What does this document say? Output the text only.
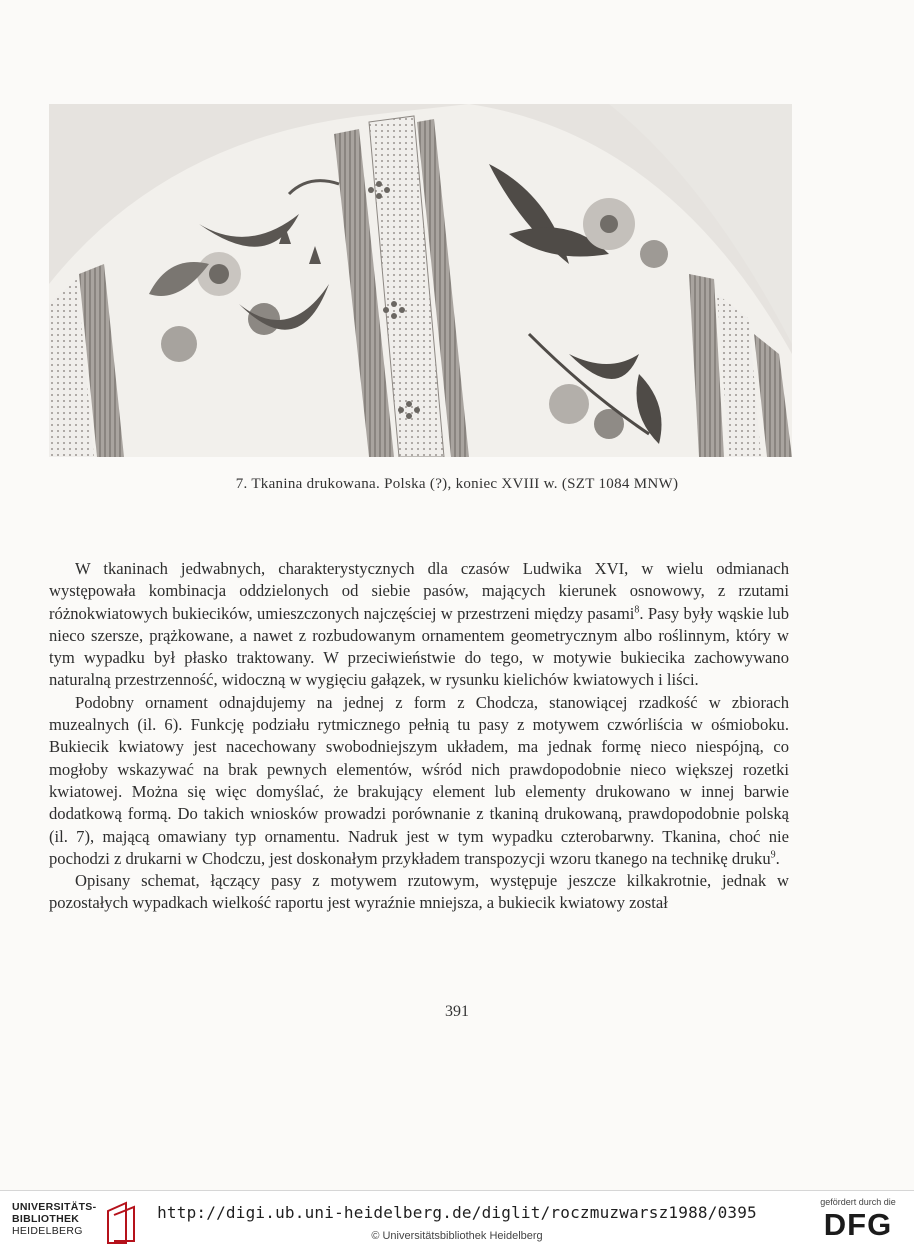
7. Tkanina drukowana. Polska (?), koniec XVIII w. (SZT 1084 MNW)

W tkaninach jedwabnych, charakterystycznych dla czasów Ludwika XVI, w wielu odmianach występowała kombinacja oddzielonych od siebie pasów, mających kierunek osnowowy, z rzutami różnokwiatowych bukiecików, umieszczonych najczęściej w przestrzeni między pasami$^8$. Pasy były wąskie lub nieco szersze, prążkowane, a nawet z rozbudowanym ornamentem geometrycznym albo roślinnym, który w tym wypadku był płasko traktowany. W przeciwieństwie do tego, w motywie bukiecika zachowywano naturalną przestrzenność, widoczną w wygięciu gałązek, w rysunku kielichów kwiatowych i liści.

Podobny ornament odnajdujemy na jednej z form z Chodcza, stanowiącej rzadkość w zbiorach muzealnych (il. 6). Funkcję podziału rytmicznego pełnią tu pasy z motywem czwórliścia w ośmioboku. Bukiecik kwiatowy jest nacechowany swobodniejszym układem, ma jednak formę nieco niespójną, co mogłoby wskazywać na brak pewnych elementów, wśród nich prawdopodobnie nieco większej rozetki kwiatowej. Można się więc domyślać, że brakujący element lub elementy drukowano w innej barwie dodatkową formą. Do takich wniosków prowadzi porównanie z tkaniną drukowaną, prawdopodobnie polską (il. 7), mającą omawiany typ ornamentu. Nadruk jest w tym wypadku czterobarwny. Tkanina, choć nie pochodzi z drukarni w Chodczu, jest doskonałym przykładem transpozycji wzoru tkanego na technikę druku$^9$.

Opisany schemat, łączący pasy z motywem rzutowym, występuje jeszcze kilkakrotnie, jednak w pozostałych wypadkach wielkość raportu jest wyraźnie mniejsza, a bukiecik kwiatowy został

391
UNIVERSITÄTS-
BIBLIOTHEK
HEIDELBERG
http://digi.ub.uni-heidelberg.de/diglit/roczmuzwarsz1988/0395
© Universitätsbibliothek Heidelberg
gefördert durch die
DFG
